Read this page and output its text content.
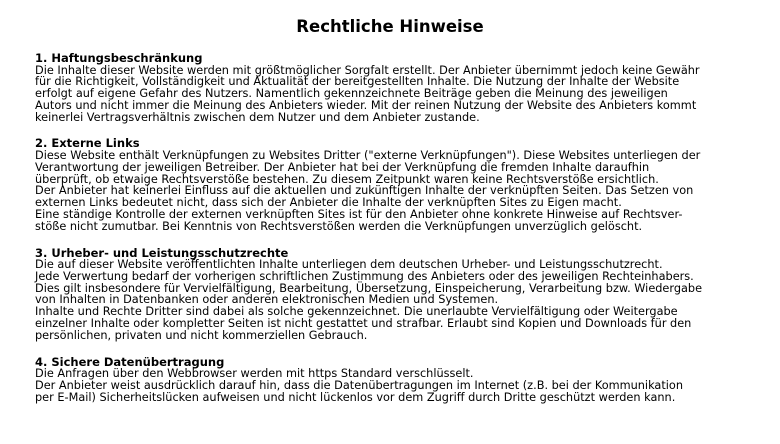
Rechtliche Hinweise
1. Haftungsbeschränkung
Die Inhalte dieser Website werden mit größtmöglicher Sorgfalt erstellt. Der Anbieter übernimmt jedoch keine Gewähr
für die Richtigkeit, Vollständigkeit und Aktualität der bereitgestellten Inhalte. Die Nutzung der Inhalte der Website
erfolgt auf eigene Gefahr des Nutzers. Namentlich gekennzeichnete Beiträge geben die Meinung des jeweiligen
Autors und nicht immer die Meinung des Anbieters wieder. Mit der reinen Nutzung der Website des Anbieters kommt
keinerlei Vertragsverhältnis zwischen dem Nutzer und dem Anbieter zustande.
2. Externe Links
Diese Website enthält Verknüpfungen zu Websites Dritter ("externe Verknüpfungen"). Diese Websites unterliegen der
Verantwortung der jeweiligen Betreiber. Der Anbieter hat bei der Verknüpfung die fremden Inhalte daraufhin
überprüft, ob etwaige Rechtsverstöße bestehen. Zu diesem Zeitpunkt waren keine Rechtsverstöße ersichtlich.
Der Anbieter hat keinerlei Einfluss auf die aktuellen und zukünftigen Inhalte der verknüpften Seiten. Das Setzen von
externen Links bedeutet nicht, dass sich der Anbieter die Inhalte der verknüpften Sites zu Eigen macht.
Eine ständige Kontrolle der externen verknüpften Sites ist für den Anbieter ohne konkrete Hinweise auf Rechtsver-
stöße nicht zumutbar. Bei Kenntnis von Rechtsverstößen werden die Verknüpfungen unverzüglich gelöscht.
3. Urheber- und Leistungsschutzrechte
Die auf dieser Website veröffentlichten Inhalte unterliegen dem deutschen Urheber- und Leistungsschutzrecht.
Jede Verwertung bedarf der vorherigen schriftlichen Zustimmung des Anbieters oder des jeweiligen Rechteinhabers.
Dies gilt insbesondere für Vervielfältigung, Bearbeitung, Übersetzung, Einspeicherung, Verarbeitung bzw. Wiedergabe
von Inhalten in Datenbanken oder anderen elektronischen Medien und Systemen.
Inhalte und Rechte Dritter sind dabei als solche gekennzeichnet. Die unerlaubte Vervielfältigung oder Weitergabe
einzelner Inhalte oder kompletter Seiten ist nicht gestattet und strafbar. Erlaubt sind Kopien und Downloads für den
persönlichen, privaten und nicht kommerziellen Gebrauch.
4. Sichere Datenübertragung
Die Anfragen über den Webbrowser werden mit https Standard verschlüsselt.
Der Anbieter weist ausdrücklich darauf hin, dass die Datenübertragungen im Internet (z.B. bei der Kommunikation
per E-Mail) Sicherheitslücken aufweisen und nicht lückenlos vor dem Zugriff durch Dritte geschützt werden kann.
